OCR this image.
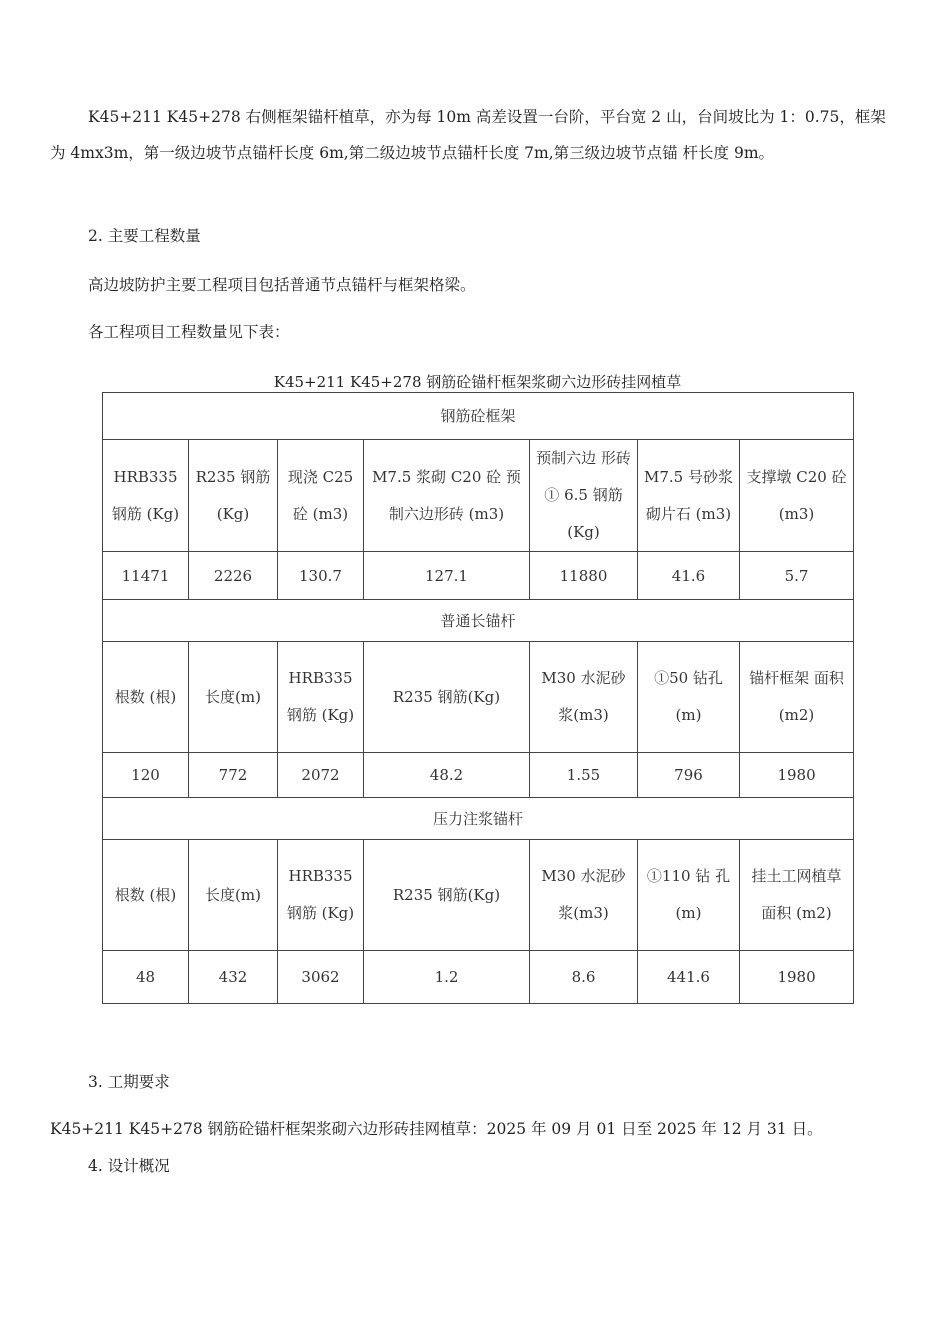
K45+211 K45+278 右侧框架锚杆植草，亦为每 10m 高差设置一台阶，平台宽 2 山，台间坡比为 1：0.75，框架为 4mx3m，第一级边坡节点锚杆长度 6m,第二级边坡节点锚杆长度 7m,第三级边坡节点锚 杆长度 9m。

2. 主要工程数量

高边坡防护主要工程项目包括普通节点锚杆与框架格梁。

各工程项目工程数量见下表：

K45+211 K45+278 钢筋砼锚杆框架浆砌六边形砖挂网植草
钢筋砼框架						
HRB335 钢筋 (Kg)	R235 钢筋(Kg)	现浇 C25 砼 (m3)	M7.5 浆砌 C20 砼 预制六边形砖 (m3)	预制六边 形砖① 6.5 钢筋(Kg)	M7.5 号砂浆砌片石 (m3)	支撑墩 C20 砼(m3)
11471	2226	130.7	127.1	11880	41.6	5.7
普通长锚杆						
根数 (根)	长度(m)	HRB335 钢筋 (Kg)	R235 钢筋(Kg)	M30 水泥砂浆(m3)	①50 钻孔 (m)	锚杆框架 面积(m2)
120	772	2072	48.2	1.55	796	1980
压力注浆锚杆						
根数 (根)	长度(m)	HRB335 钢筋 (Kg)	R235 钢筋(Kg)	M30 水泥砂浆(m3)	①110 钻 孔 (m)	挂土工网植草面积 (m2)
48	432	3062	1.2	8.6	441.6	1980

3. 工期要求

K45+211 K45+278 钢筋砼锚杆框架浆砌六边形砖挂网植草：2025 年 09 月 01 日至 2025 年 12 月 31 日。

4. 设计概况
